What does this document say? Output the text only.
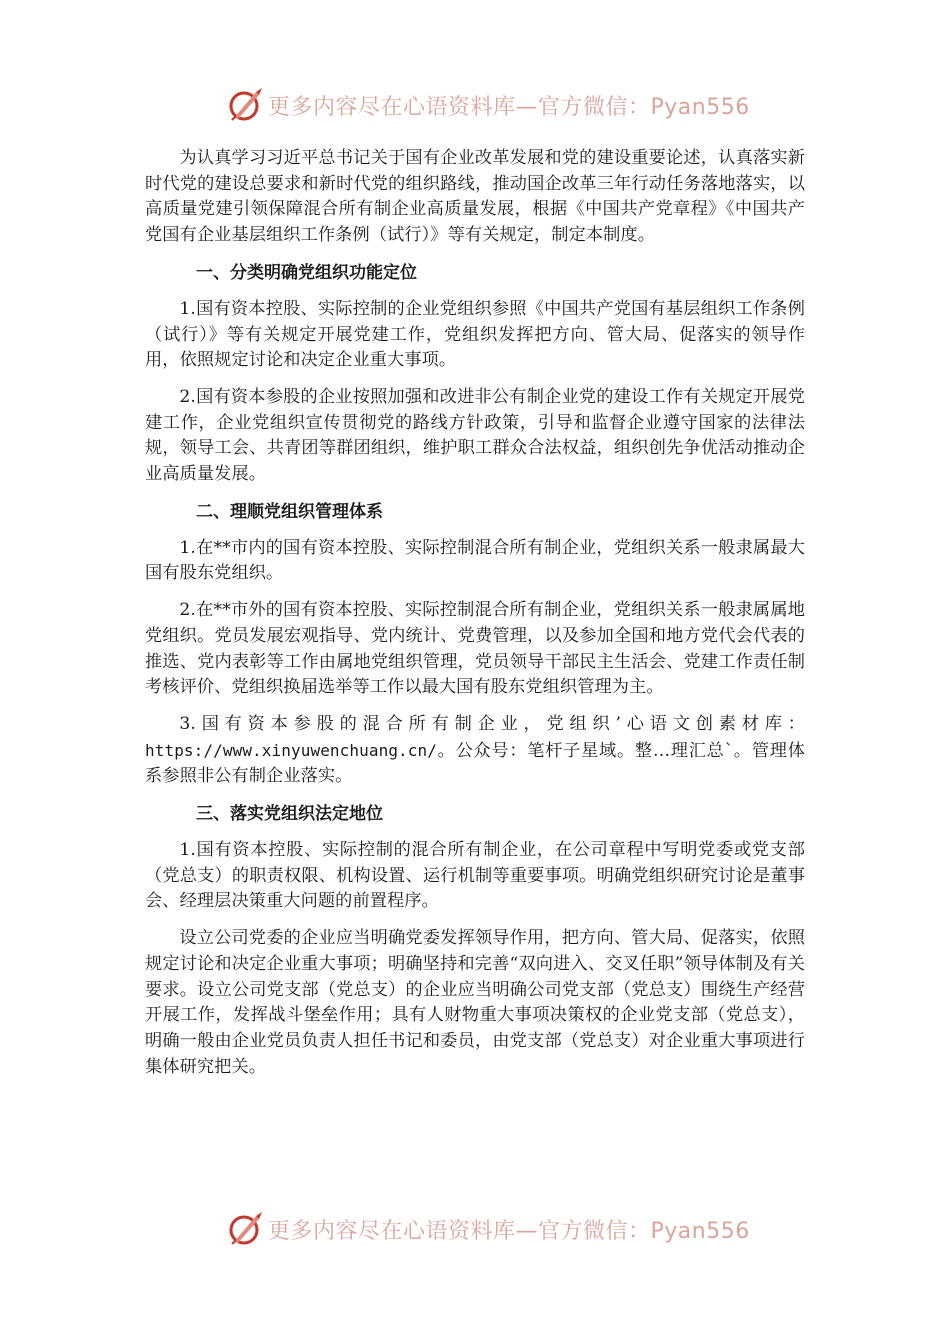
更多内容尽在心语资料库—官方微信：Pyan556

为认真学习习近平总书记关于国有企业改革发展和党的建设重要论述，认真落实新时代党的建设总要求和新时代党的组织路线，推动国企改革三年行动任务落地落实，以高质量党建引领保障混合所有制企业高质量发展，根据《中国共产党章程》《中国共产党国有企业基层组织工作条例（试行）》等有关规定，制定本制度。

一、分类明确党组织功能定位

1.国有资本控股、实际控制的企业党组织参照《中国共产党国有基层组织工作条例（试行）》等有关规定开展党建工作，党组织发挥把方向、管大局、促落实的领导作用，依照规定讨论和决定企业重大事项。

2.国有资本参股的企业按照加强和改进非公有制企业党的建设工作有关规定开展党建工作，企业党组织宣传贯彻党的路线方针政策，引导和监督企业遵守国家的法律法规，领导工会、共青团等群团组织，维护职工群众合法权益，组织创先争优活动推动企业高质量发展。

二、理顺党组织管理体系

1.在**市内的国有资本控股、实际控制混合所有制企业，党组织关系一般隶属最大国有股东党组织。

2.在**市外的国有资本控股、实际控制混合所有制企业，党组织关系一般隶属属地党组织。党员发展宏观指导、党内统计、党费管理，以及参加全国和地方党代会代表的推选、党内表彰等工作由属地党组织管理，党员领导干部民主生活会、党建工作责任制考核评价、党组织换届选举等工作以最大国有股东党组织管理为主。

3.国有资本参股的混合所有制企业，党组织’心语文创素材库：https://www.xinyuwenchuang.cn/。公众号：笔杆子星域。整…理汇总`。管理体系参照非公有制企业落实。

三、落实党组织法定地位

1.国有资本控股、实际控制的混合所有制企业，在公司章程中写明党委或党支部（党总支）的职责权限、机构设置、运行机制等重要事项。明确党组织研究讨论是董事会、经理层决策重大问题的前置程序。

设立公司党委的企业应当明确党委发挥领导作用，把方向、管大局、促落实，依照规定讨论和决定企业重大事项；明确坚持和完善“双向进入、交叉任职”领导体制及有关要求。设立公司党支部（党总支）的企业应当明确公司党支部（党总支）围绕生产经营开展工作，发挥战斗堡垒作用；具有人财物重大事项决策权的企业党支部（党总支），明确一般由企业党员负责人担任书记和委员，由党支部（党总支）对企业重大事项进行集体研究把关。

更多内容尽在心语资料库—官方微信：Pyan556
